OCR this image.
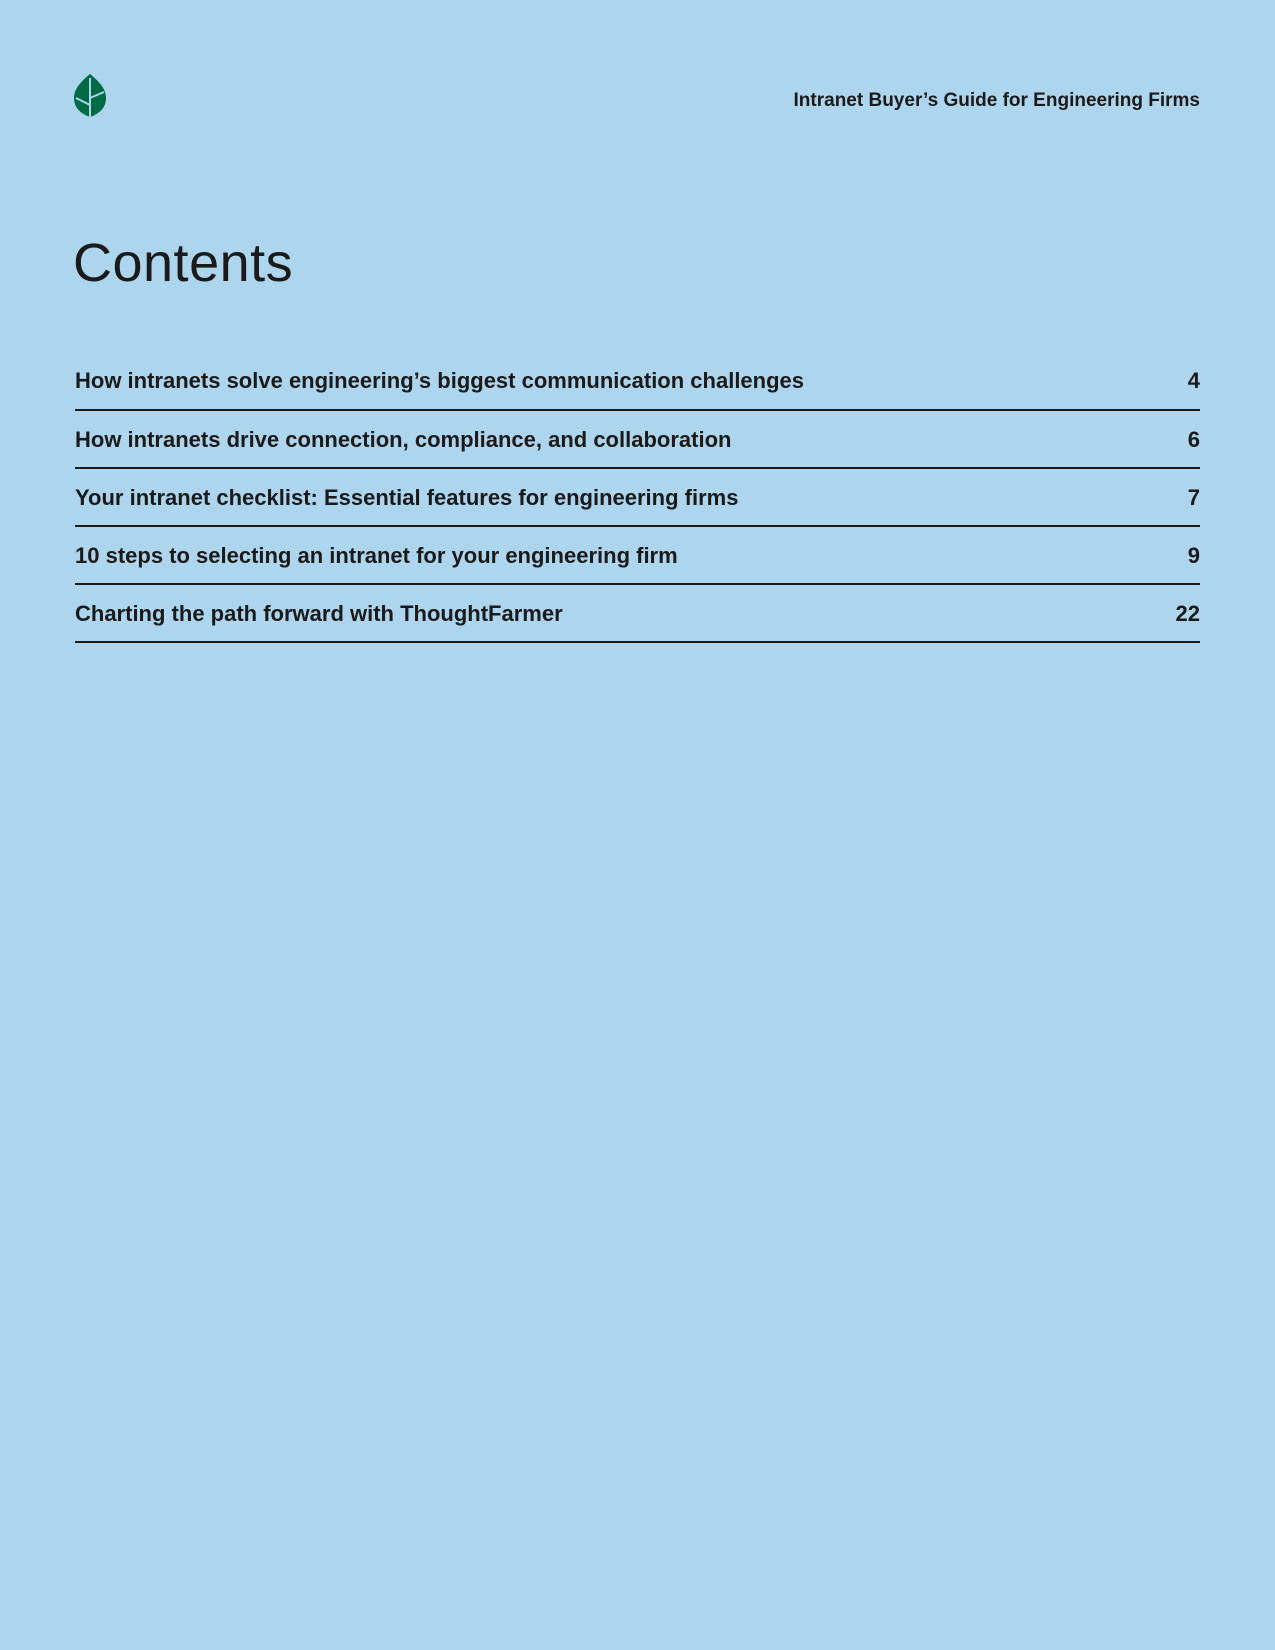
Intranet Buyer’s Guide for Engineering Firms
Contents
How intranets solve engineering’s biggest communication challenges	4
How intranets drive connection, compliance, and collaboration	6
Your intranet checklist: Essential features for engineering firms	7
10 steps to selecting an intranet for your engineering firm	9
Charting the path forward with ThoughtFarmer	22
